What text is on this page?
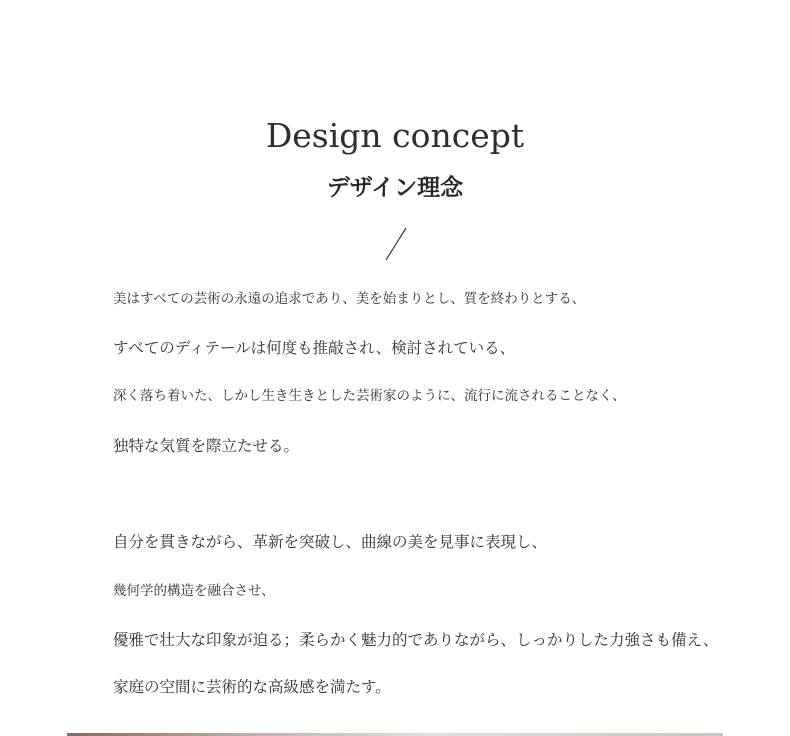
Design concept
デザイン理念
美はすべての芸術の永遠の追求であり、美を始まりとし、質を終わりとする、
すべてのディテールは何度も推敲され、検討されている、
深く落ち着いた、しかし生き生きとした芸術家のように、流行に流されることなく、
独特な気質を際立たせる。
自分を貫きながら、革新を突破し、曲線の美を見事に表現し、
幾何学的構造を融合させ、
優雅で壮大な印象が迫る；柔らかく魅力的でありながら、しっかりした力強さも備え、
家庭の空間に芸術的な高級感を満たす。
